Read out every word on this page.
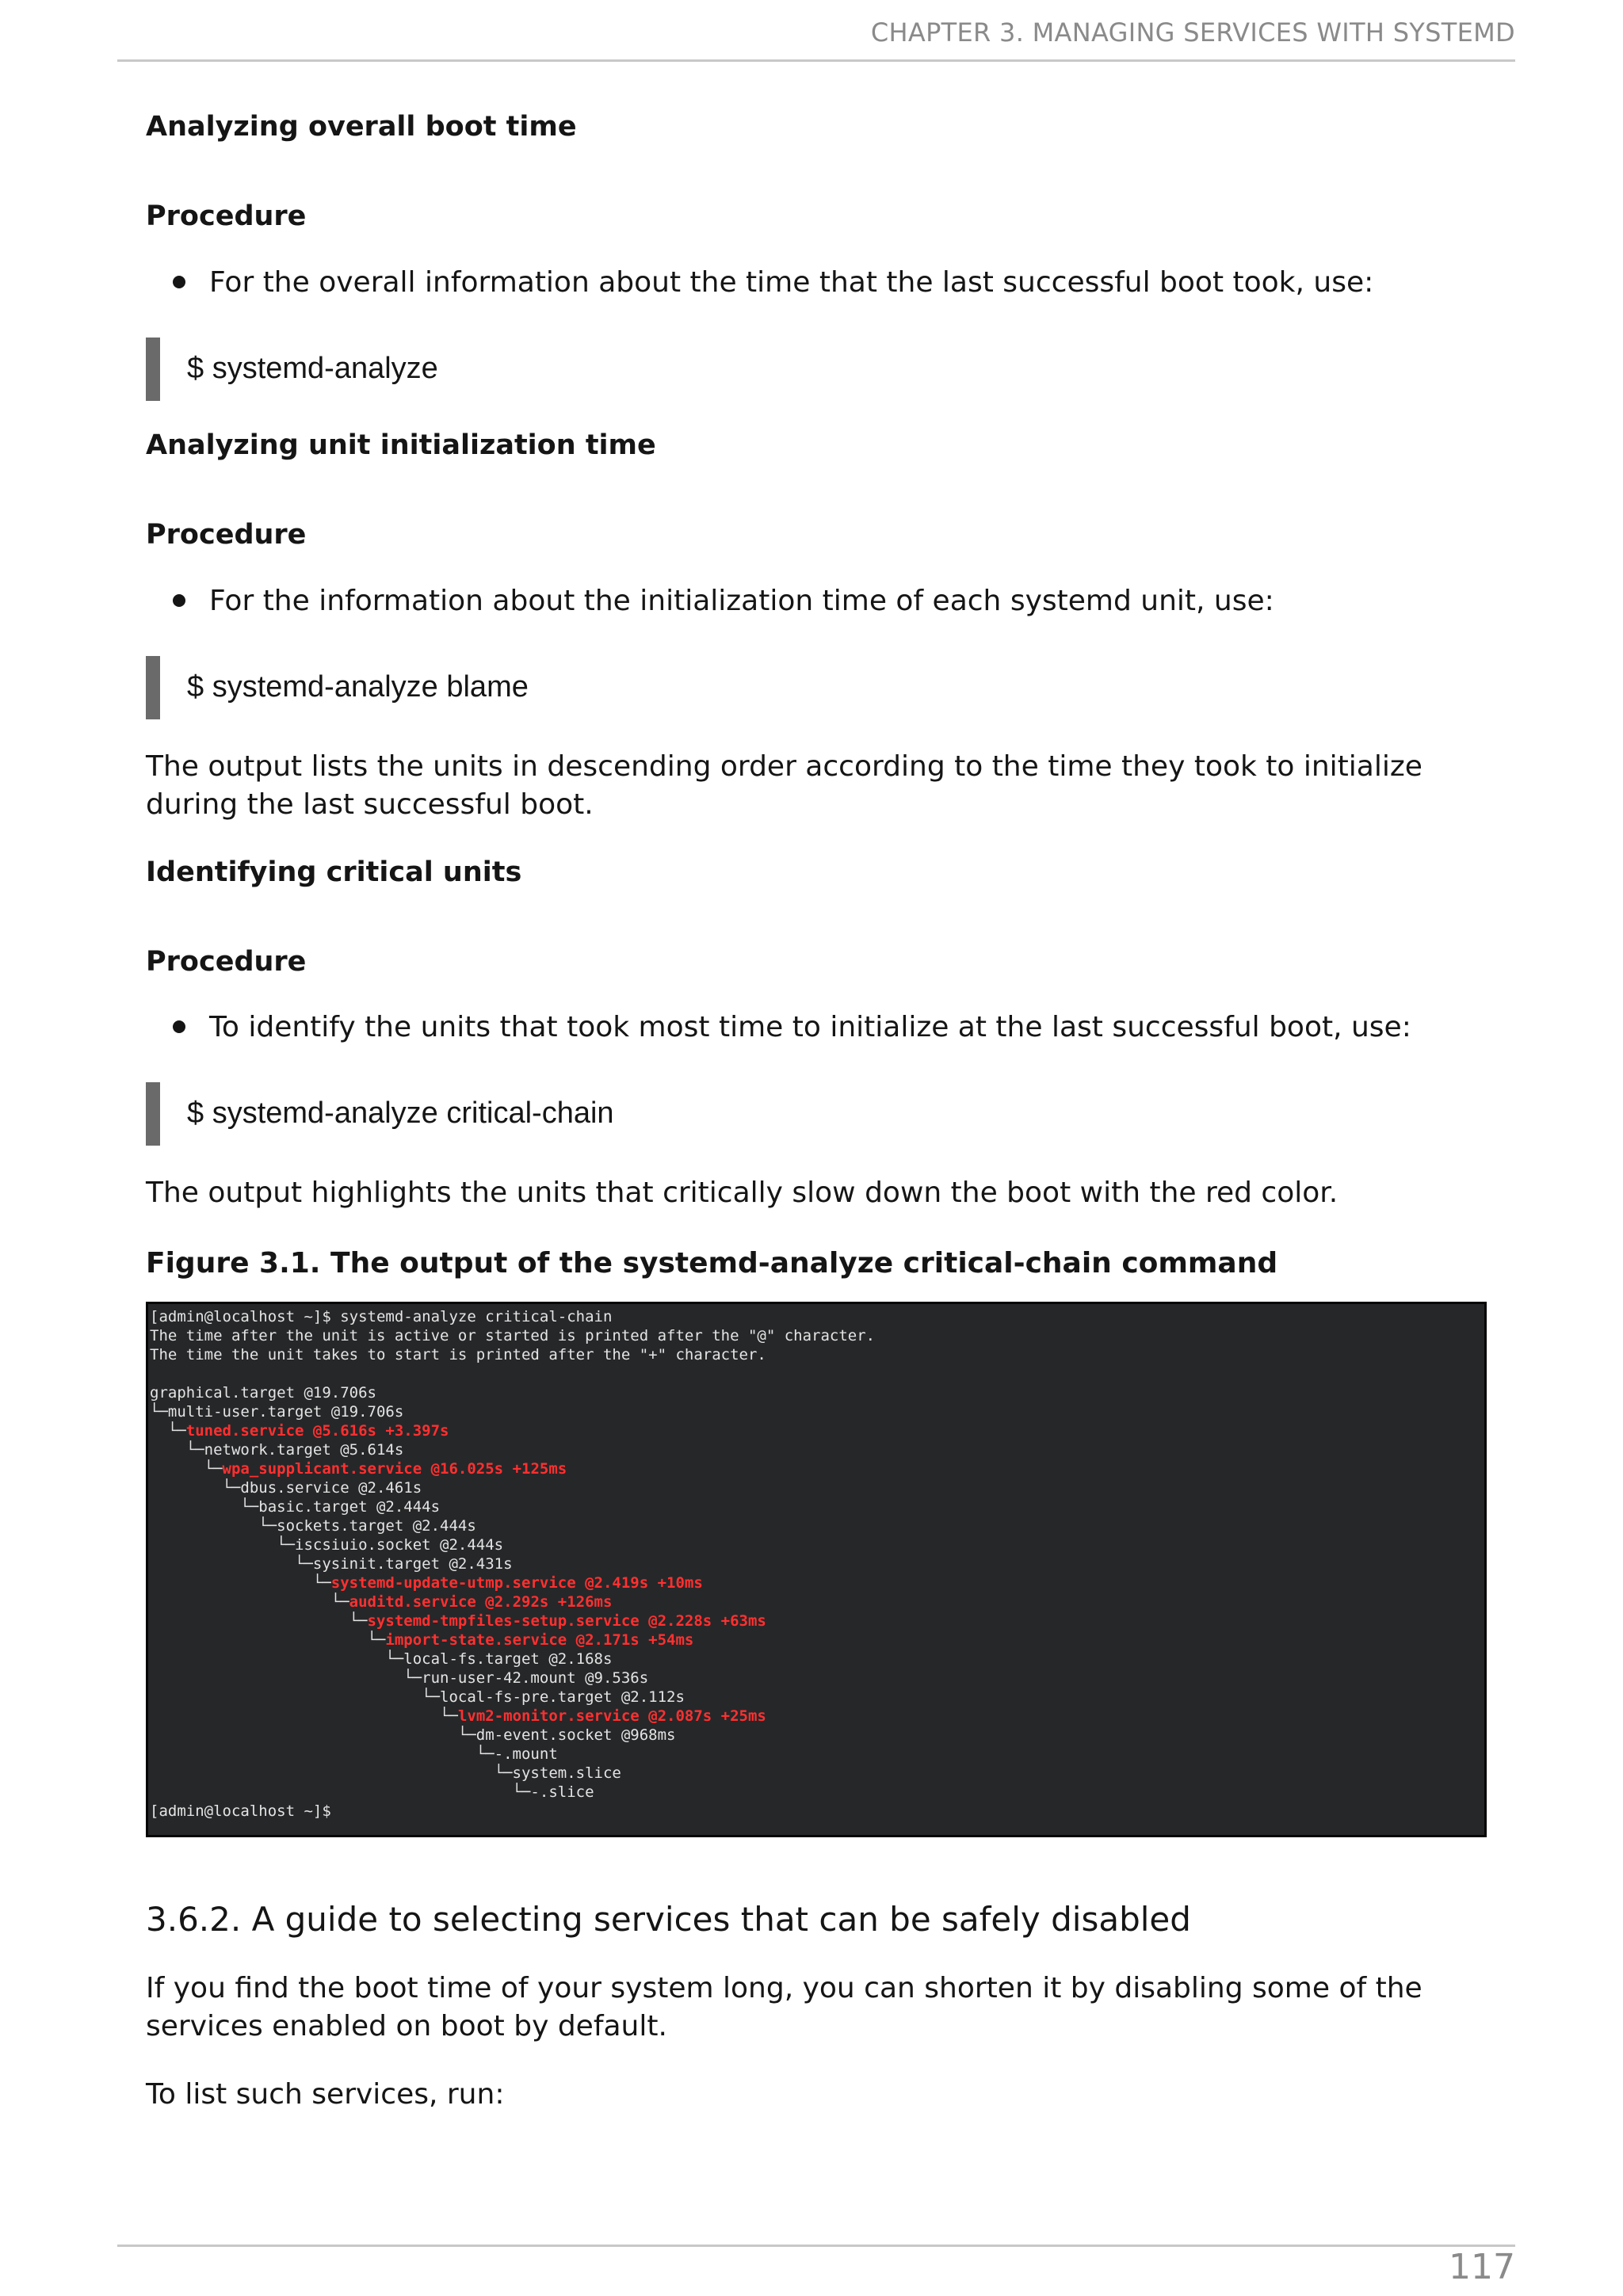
CHAPTER 3. MANAGING SERVICES WITH SYSTEMD

Analyzing overall boot time

Procedure

For the overall information about the time that the last successful boot took, use:
$ systemd-analyze

Analyzing unit initialization time

Procedure

For the information about the initialization time of each systemd unit, use:
$ systemd-analyze blame

The output lists the units in descending order according to the time they took to initialize during the last successful boot.

Identifying critical units

Procedure

To identify the units that took most time to initialize at the last successful boot, use:
$ systemd-analyze critical-chain

The output highlights the units that critically slow down the boot with the red color.

Figure 3.1. The output of the systemd-analyze critical-chain command

[admin@localhost ~]$ systemd-analyze critical-chain
The time after the unit is active or started is printed after the "@" character.
The time the unit takes to start is printed after the "+" character.

graphical.target @19.706s
└─multi-user.target @19.706s
└─tuned.service @5.616s +3.397s
└─network.target @5.614s
└─wpa_supplicant.service @16.025s +125ms
└─dbus.service @2.461s
└─basic.target @2.444s
└─sockets.target @2.444s
└─iscsiuio.socket @2.444s
└─sysinit.target @2.431s
└─systemd-update-utmp.service @2.419s +10ms
└─auditd.service @2.292s +126ms
└─systemd-tmpfiles-setup.service @2.228s +63ms
└─import-state.service @2.171s +54ms
└─local-fs.target @2.168s
└─run-user-42.mount @9.536s
└─local-fs-pre.target @2.112s
└─lvm2-monitor.service @2.087s +25ms
└─dm-event.socket @968ms
└─-.mount
└─system.slice
└─-.slice
[admin@localhost ~]$

3.6.2. A guide to selecting services that can be safely disabled

If you find the boot time of your system long, you can shorten it by disabling some of the services enabled on boot by default.

To list such services, run:

117
